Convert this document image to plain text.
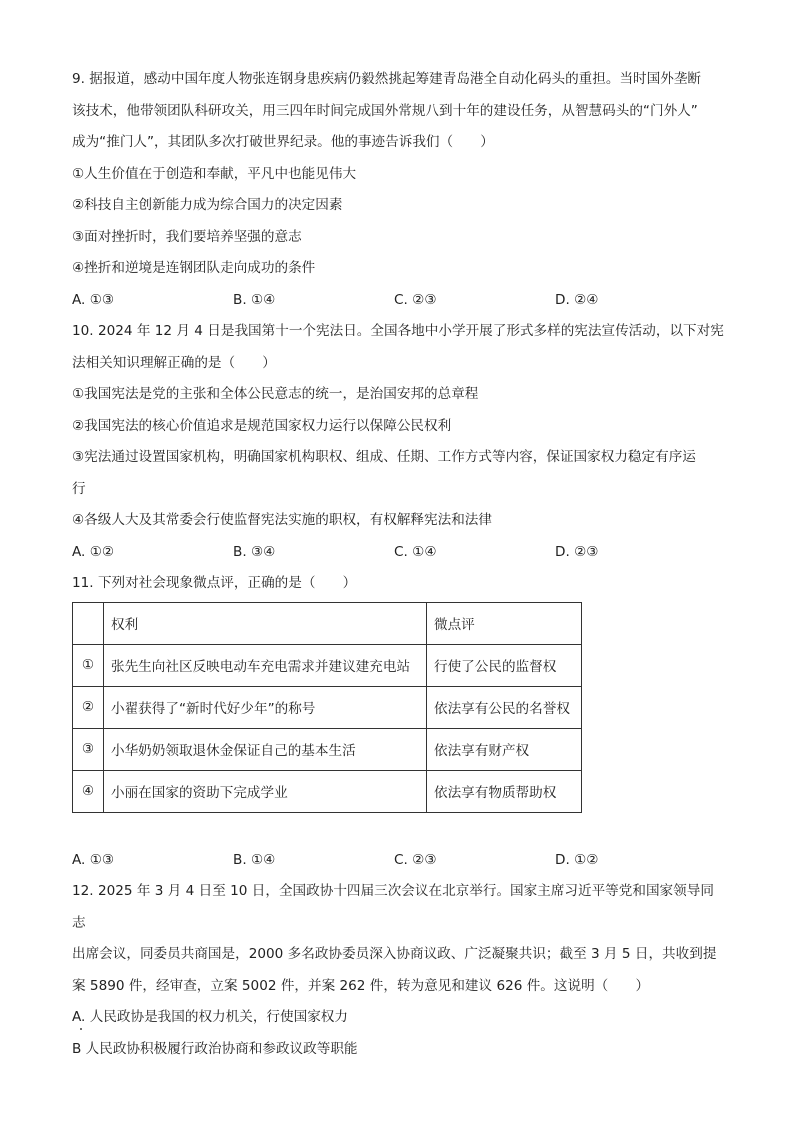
9. 据报道，感动中国年度人物张连钢身患疾病仍毅然挑起筹建青岛港全自动化码头的重担。当时国外垄断

该技术，他带领团队科研攻关，用三四年时间完成国外常规八到十年的建设任务，从智慧码头的“门外人”

成为“推门人”，其团队多次打破世界纪录。他的事迹告诉我们（　　）

①人生价值在于创造和奉献，平凡中也能见伟大

②科技自主创新能力成为综合国力的决定因素

③面对挫折时，我们要培养坚强的意志

④挫折和逆境是连钢团队走向成功的条件

A. ①③	B. ①④	C. ②③	D. ②④

10. 2024 年 12 月 4 日是我国第十一个宪法日。全国各地中小学开展了形式多样的宪法宣传活动，以下对宪

法相关知识理解正确的是（　　）

①我国宪法是党的主张和全体公民意志的统一，是治国安邦的总章程

②我国宪法的核心价值追求是规范国家权力运行以保障公民权利

③宪法通过设置国家机构，明确国家机构职权、组成、任期、工作方式等内容，保证国家权力稳定有序运

行

④各级人大及其常委会行使监督宪法实施的职权，有权解释宪法和法律

A. ①②	B. ③④	C. ①④	D. ②③

11. 下列对社会现象微点评，正确的是（　　）

	权利	微点评
①	张先生向社区反映电动车充电需求并建议建充电站	行使了公民的监督权
②	小翟获得了“新时代好少年”的称号	依法享有公民的名誉权
③	小华奶奶领取退休金保证自己的基本生活	依法享有财产权
④	小丽在国家的资助下完成学业	依法享有物质帮助权
A. ①③	B. ①④	C. ②③	D. ①②

12. 2025 年 3 月 4 日至 10 日，全国政协十四届三次会议在北京举行。国家主席习近平等党和国家领导同志

出席会议，同委员共商国是，2000 多名政协委员深入协商议政、广泛凝聚共识；截至 3 月 5 日，共收到提

案 5890 件，经审查，立案 5002 件，并案 262 件，转为意见和建议 626 件。这说明（　　）

A. 人民政协是我国的权力机关，行使国家权力

B 人民政协积极履行政治协商和参政议政等职能
